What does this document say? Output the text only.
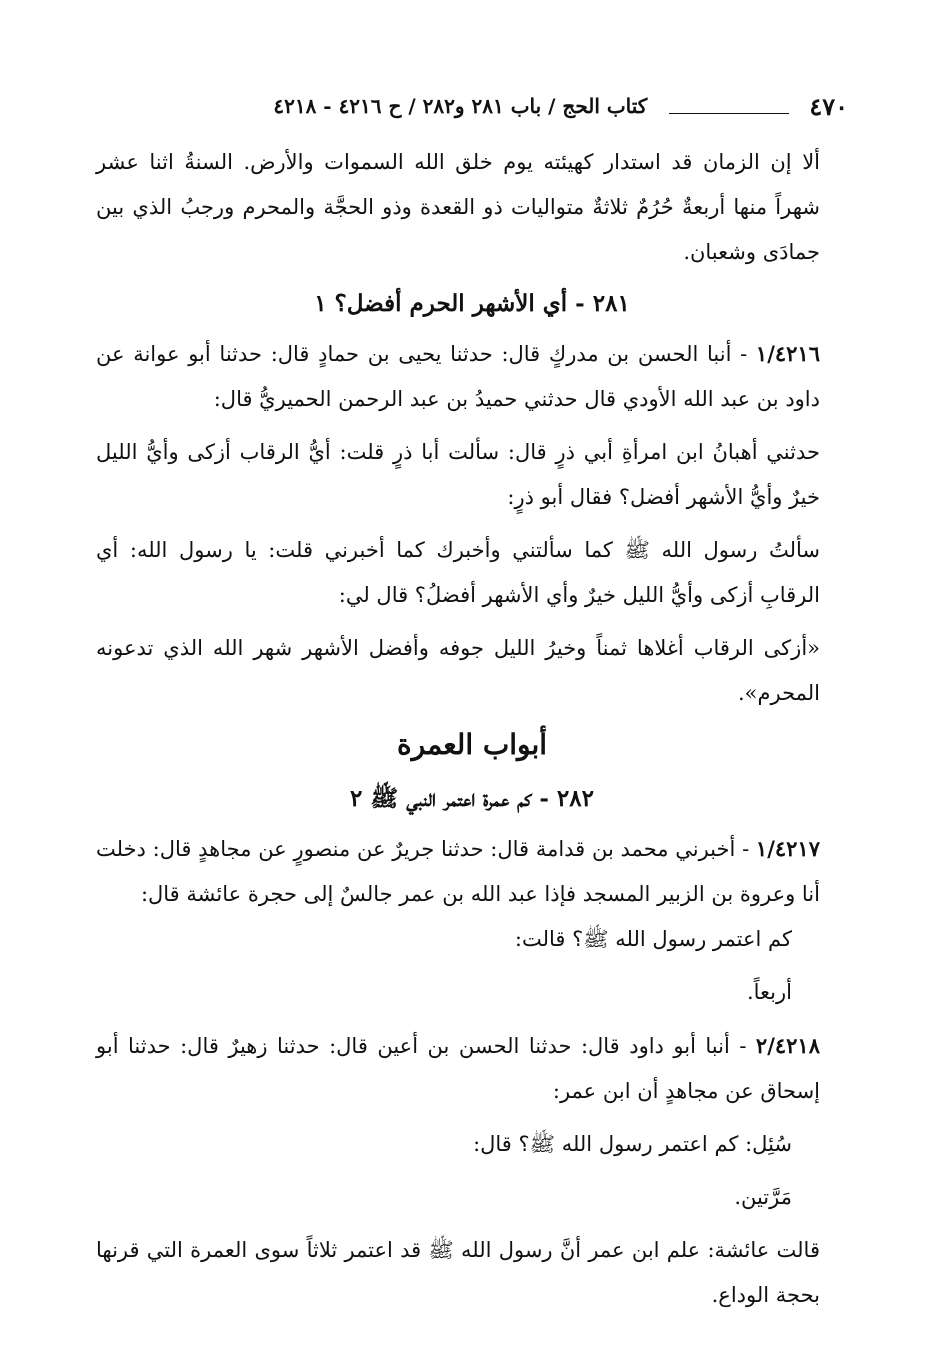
٤٧٠
كتاب الحج / باب ٢٨١ و٢٨٢ / ح ٤٢١٦ - ٤٢١٨

ألا إن الزمان قد استدار كهيئته يوم خلق الله السموات والأرض. السنةُ اثنا عشر شهراً منها أربعةٌ حُرُمٌ ثلاثةٌ متواليات ذو القعدة وذو الحجَّة والمحرم ورجبُ الذي بين جمادَى وشعبان.

٢٨١ - أي الأشهر الحرم أفضل؟ ١

١/٤٢١٦ - أنبا الحسن بن مدركٍ قال: حدثنا يحيى بن حمادٍ قال: حدثنا أبو عوانة عن داود بن عبد الله الأودي قال حدثني حميدُ بن عبد الرحمن الحميريُّ قال:

حدثني أهبانُ ابن امرأةِ أبي ذرٍ قال: سألت أبا ذرٍ قلت: أيُّ الرقاب أزكى وأيُّ الليل خيرٌ وأيُّ الأشهر أفضل؟ فقال أبو ذرٍ:

سألتُ رسول الله ﷺ كما سألتني وأخبرك كما أخبرني قلت: يا رسول الله: أي الرقابِ أزكى وأيُّ الليل خيرٌ وأي الأشهر أفضلُ؟ قال لي:

«أزكى الرقاب أغلاها ثمناً وخيرُ الليل جوفه وأفضل الأشهر شهر الله الذي تدعونه المحرم».

أبواب العمرة
٢٨٢ - كم عمرة اعتمر النبي ﷺ ٢

١/٤٢١٧ - أخبرني محمد بن قدامة قال: حدثنا جريرٌ عن منصورٍ عن مجاهدٍ قال: دخلت أنا وعروة بن الزبير المسجد فإذا عبد الله بن عمر جالسٌ إلى حجرة عائشة قال:

كم اعتمر رسول الله ﷺ؟ قالت:

أربعاً.

٢/٤٢١٨ - أنبا أبو داود قال: حدثنا الحسن بن أعين قال: حدثنا زهيرٌ قال: حدثنا أبو إسحاق عن مجاهدٍ أن ابن عمر:

سُئِل: كم اعتمر رسول الله ﷺ؟ قال:

مَرَّتين.

قالت عائشة: علم ابن عمر أنَّ رسول الله ﷺ قد اعتمر ثلاثاً سوى العمرة التي قرنها بحجة الوداع.
